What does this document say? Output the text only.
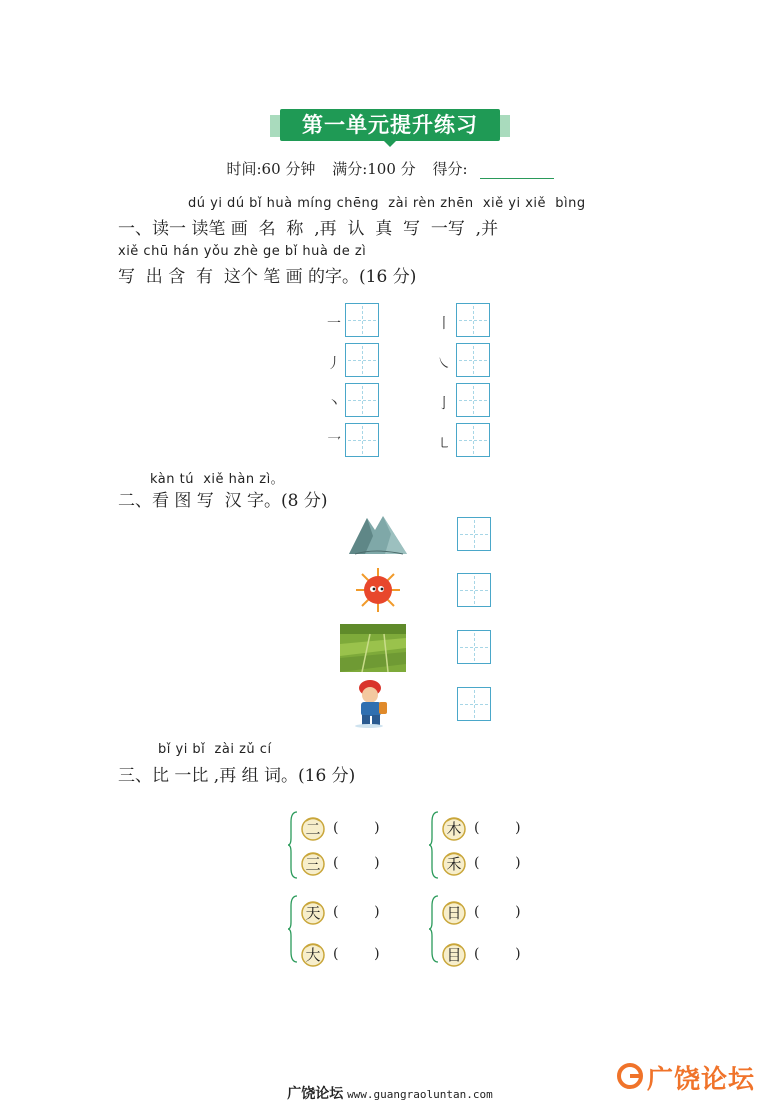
第一单元提升练习
时间:60 分钟 满分:100 分 得分:
dú yi dú bǐ huà míng chēng  zài rèn zhēn  xiě yi xiě  bìng
一、读一 读笔 画  名  称  ,再  认  真  写  一写  ,并
xiě chū hán yǒu zhè ge bǐ huà de zì
写  出 含  有  这个 笔 画 的字。(16 分)
一
丿
丶
乛
丨
㇏
亅
㇄
kàn tú  xiě hàn zì。
二、看 图 写  汉 字。(8 分)
bǐ yi bǐ  zài zǔ cí
三、比 一比 ,再 组 词。(16 分)
二 (        )
三 (        )
木 (        )
禾 (        )
天 (        )
大 (        )
日 (        )
目 (        )
广饶论坛 www.guangraoluntan.com	广饶论坛
